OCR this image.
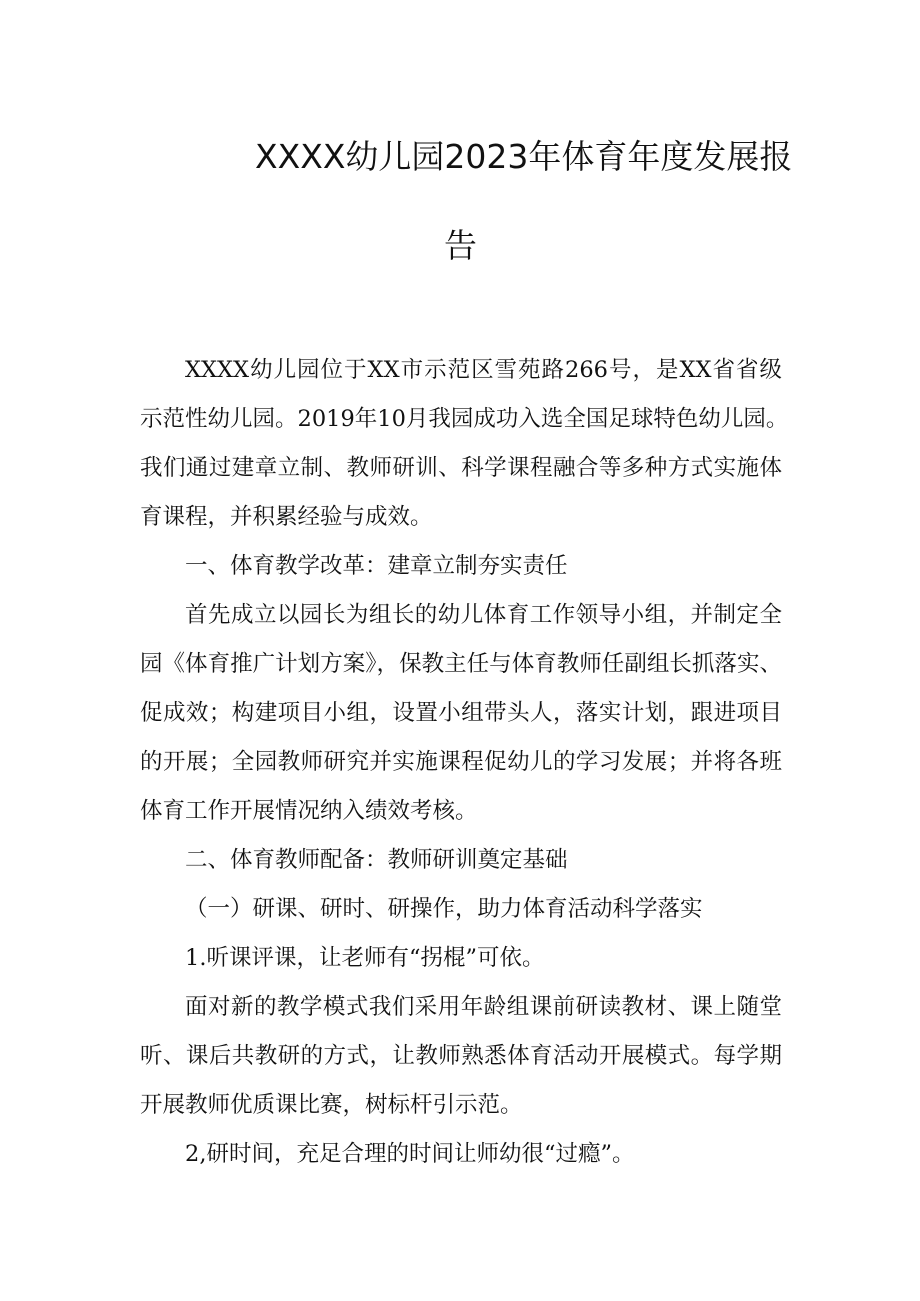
XXXX幼儿园2023年体育年度发展报
告
XXXX幼儿园位于XX市示范区雪苑路266号，是XX省省级
示范性幼儿园。2019年10月我园成功入选全国足球特色幼儿园。
我们通过建章立制、教师研训、科学课程融合等多种方式实施体
育课程，并积累经验与成效。
一、体育教学改革：建章立制夯实责任
首先成立以园长为组长的幼儿体育工作领导小组，并制定全
园《体育推广计划方案》，保教主任与体育教师任副组长抓落实、
促成效；构建项目小组，设置小组带头人，落实计划，跟进项目
的开展；全园教师研究并实施课程促幼儿的学习发展；并将各班
体育工作开展情况纳入绩效考核。
二、体育教师配备：教师研训奠定基础
（一）研课、研时、研操作，助力体育活动科学落实
1.听课评课，让老师有“拐棍”可依。
面对新的教学模式我们采用年龄组课前研读教材、课上随堂
听、课后共教研的方式，让教师熟悉体育活动开展模式。每学期
开展教师优质课比赛，树标杆引示范。
2,研时间，充足合理的时间让师幼很“过瘾”。
